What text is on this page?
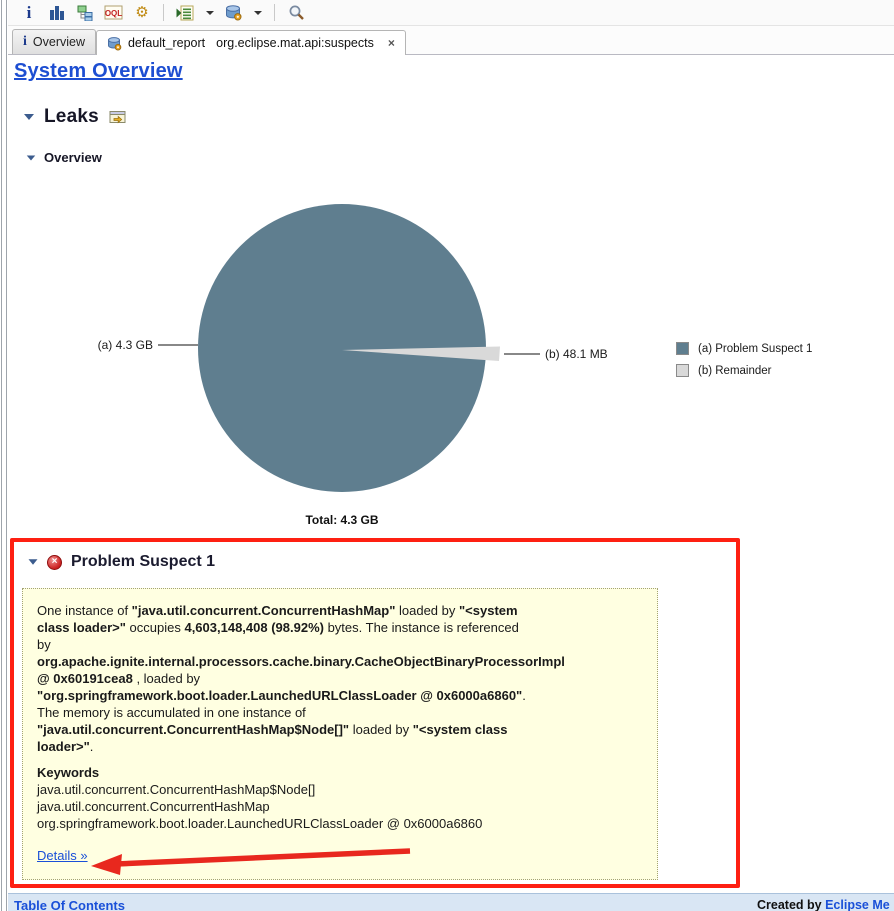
i	OQL ⚙
i Overview	default_report org.eclipse.mat.api:suspects ×
System Overview
Leaks
Overview
(a) 4.3 GB
(b) 48.1 MB	(a) Problem Suspect 1
(b) Remainder
Total: 4.3 GB
× Problem Suspect 1
One instance of "java.util.concurrent.ConcurrentHashMap" loaded by "<system
class loader>" occupies 4,603,148,408 (98.92%) bytes. The instance is referenced
by
org.apache.ignite.internal.processors.cache.binary.CacheObjectBinaryProcessorImpl
@ 0x60191cea8 , loaded by
"org.springframework.boot.loader.LaunchedURLClassLoader @ 0x6000a6860".
The memory is accumulated in one instance of
"java.util.concurrent.ConcurrentHashMap$Node[]" loaded by "<system class
loader>".
Keywords
java.util.concurrent.ConcurrentHashMap$Node[]
java.util.concurrent.ConcurrentHashMap
org.springframework.boot.loader.LaunchedURLClassLoader @ 0x6000a6860
Details »
Table Of Contents	Created by Eclipse Me
